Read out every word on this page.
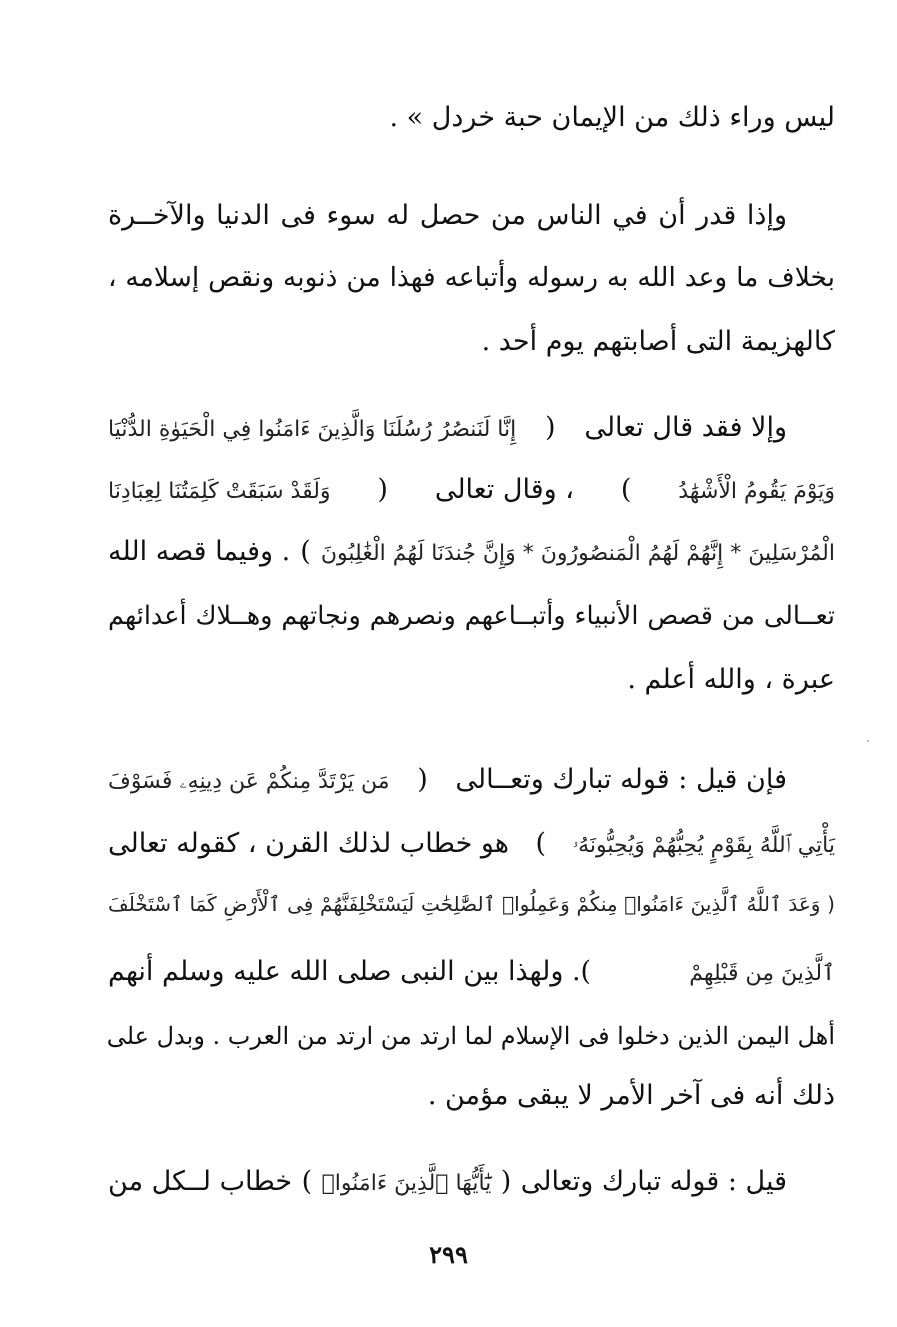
ليس وراء ذلك من الإيمان حبة خردل » .
وإذا قدر أن في الناس من حصل له سوء فى الدنيا والآخــرة
بخلاف ما وعد الله به رسوله وأتباعه فهذا من ذنوبه ونقص إسلامه ،
كالهزيمة التى أصابتهم يوم أحد .
وإلا فقد قال تعالى
(
إِنَّا لَنَنصُرُ رُسُلَنَا وَالَّذِينَ ءَامَنُوا فِي الْحَيَوٰةِ الدُّنْيَا
وَيَوْمَ يَقُومُ الْأَشْهَٰدُ
)
، وقال تعالى
(
وَلَقَدْ سَبَقَتْ كَلِمَتُنَا لِعِبَادِنَا
الْمُرْسَلِينَ * إِنَّهُمْ لَهُمُ الْمَنصُورُونَ * وَإِنَّ جُندَنَا لَهُمُ الْغَٰلِبُونَ
)
. وفيما قصه الله
تعــالى من قصص الأنبياء وأتبــاعهم ونصرهم ونجاتهم وهــلاك أعدائهم
عبرة ، والله أعلم .
فإن قيل : قوله تبارك وتعــالى
(
مَن يَرْتَدَّ مِنكُمْ عَن دِينِهِۦ فَسَوْفَ
يَأْتِي ٱللَّهُ بِقَوْمٍ يُحِبُّهُمْ وَيُحِبُّونَهُۥ
)
هو خطاب لذلك القرن ، كقوله تعالى
( وَعَدَ ٱللَّهُ ٱلَّذِينَ ءَامَنُوا۟ مِنكُمْ وَعَمِلُوا۟ ٱلصَّٰلِحَٰتِ لَيَسْتَخْلِفَنَّهُمْ فِى ٱلْأَرْضِ كَمَا ٱسْتَخْلَفَ
ٱلَّذِينَ مِن قَبْلِهِمْ
). ولهذا بين النبى صلى الله عليه وسلم أنهم
أهل اليمن الذين دخلوا فى الإسلام لما ارتد من ارتد من العرب . وبدل على
ذلك أنه فى آخر الأمر لا يبقى مؤمن .
قيل : قوله تبارك وتعالى
(
يَٰٓأَيُّهَا ٱلَّذِينَ ءَامَنُوا۟
)
خطاب لــكل من
٢٩٩
